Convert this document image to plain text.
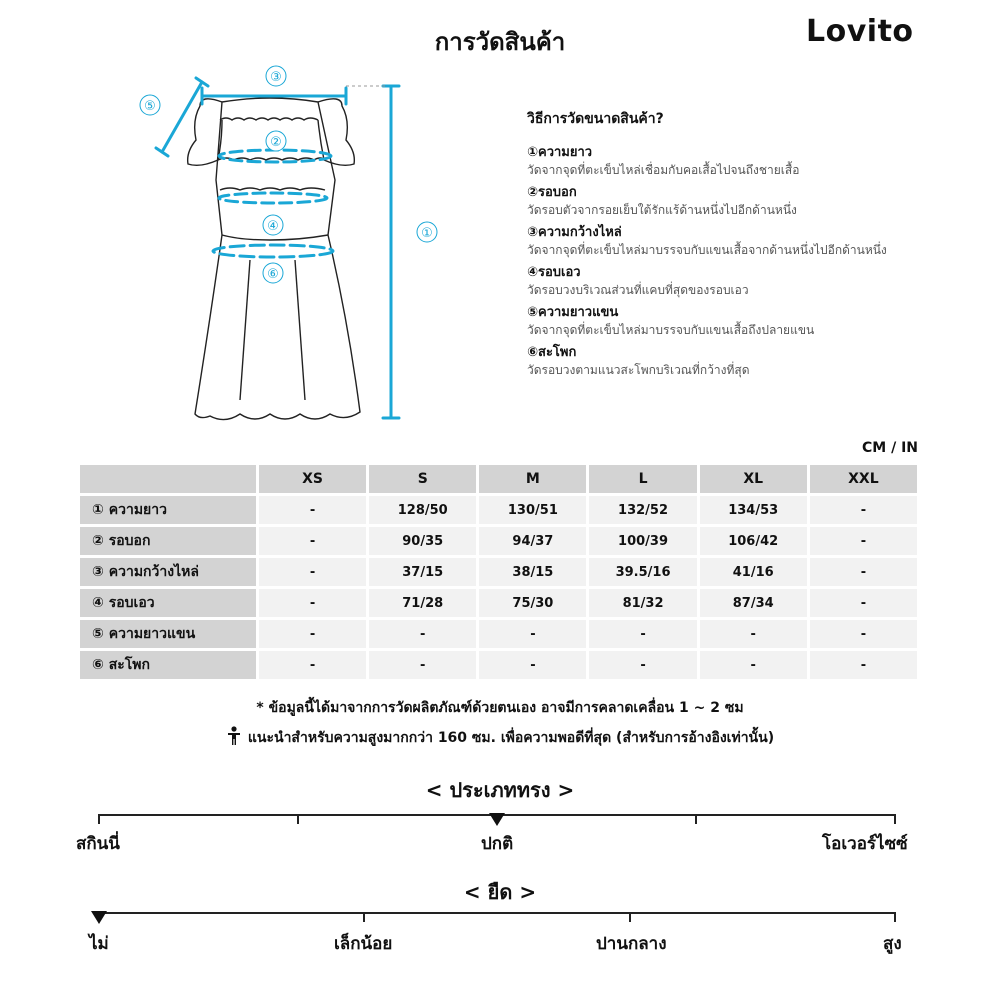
การวัดสินค้า	Lovito
③
⑤
②
④
⑥
①
วิธีการวัดขนาดสินค้า?
①ความยาว
วัดจากจุดที่ตะเข็บไหล่เชื่อมกับคอเสื้อไปจนถึงชายเสื้อ
②รอบอก
วัดรอบตัวจากรอยเย็บใต้รักแร้ด้านหนึ่งไปอีกด้านหนึ่ง
③ความกว้างไหล่
วัดจากจุดที่ตะเข็บไหล่มาบรรจบกับแขนเสื้อจากด้านหนึ่งไปอีกด้านหนึ่ง
④รอบเอว
วัดรอบวงบริเวณส่วนที่แคบที่สุดของรอบเอว
⑤ความยาวแขน
วัดจากจุดที่ตะเข็บไหล่มาบรรจบกับแขนเสื้อถึงปลายแขน
⑥สะโพก
วัดรอบวงตามแนวสะโพกบริเวณที่กว้างที่สุด
CM / IN
	XS	S	M	L	XL	XXL
① ความยาว	-	128/50	130/51	132/52	134/53	-
② รอบอก	-	90/35	94/37	100/39	106/42	-
③ ความกว้างไหล่	-	37/15	38/15	39.5/16	41/16	-
④ รอบเอว	-	71/28	75/30	81/32	87/34	-
⑤ ความยาวแขน	-	-	-	-	-	-
⑥ สะโพก	-	-	-	-	-	-
* ข้อมูลนี้ได้มาจากการวัดผลิตภัณฑ์ด้วยตนเอง อาจมีการคลาดเคลื่อน 1 ~ 2 ซม
แนะนำสำหรับความสูงมากกว่า 160 ซม. เพื่อความพอดีที่สุด (สำหรับการอ้างอิงเท่านั้น)
< ประเภททรง >
สกินนี่	ปกติ	โอเวอร์ไซซ์
< ยืด >
ไม่	เล็กน้อย	ปานกลาง	สูง
